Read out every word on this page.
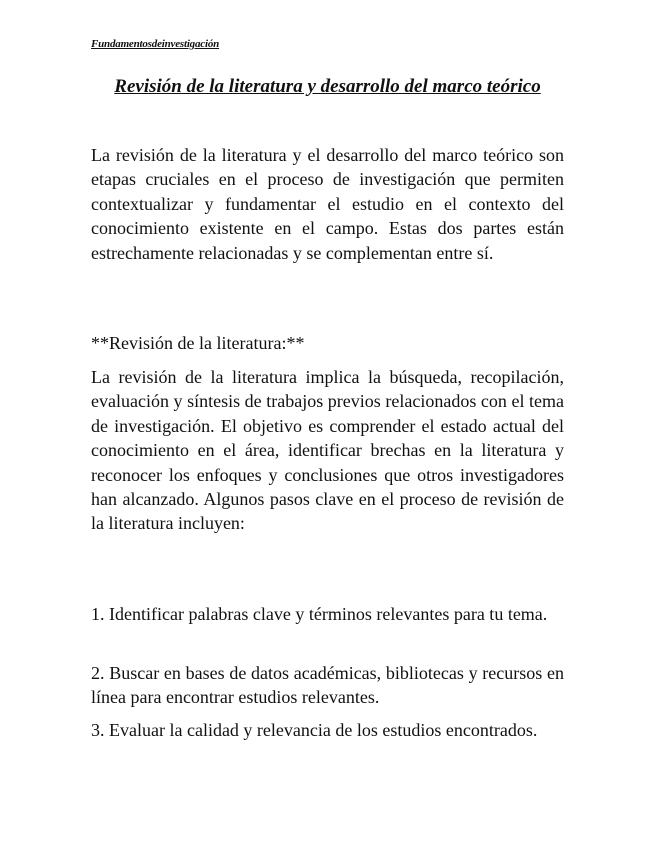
Fundamentosdeinvestigación
Revisión de la literatura y desarrollo del marco teórico

La revisión de la literatura y el desarrollo del marco teórico son etapas cruciales en el proceso de investigación que permiten contextualizar y fundamentar el estudio en el contexto del conocimiento existente en el campo. Estas dos partes están estrechamente relacionadas y se complementan entre sí.

**Revisión de la literatura:**

La revisión de la literatura implica la búsqueda, recopilación, evaluación y síntesis de trabajos previos relacionados con el tema de investigación. El objetivo es comprender el estado actual del conocimiento en el área, identificar brechas en la literatura y reconocer los enfoques y conclusiones que otros investigadores han alcanzado. Algunos pasos clave en el proceso de revisión de la literatura incluyen:

1. Identificar palabras clave y términos relevantes para tu tema.

2. Buscar en bases de datos académicas, bibliotecas y recursos en línea para encontrar estudios relevantes.

3. Evaluar la calidad y relevancia de los estudios encontrados.
